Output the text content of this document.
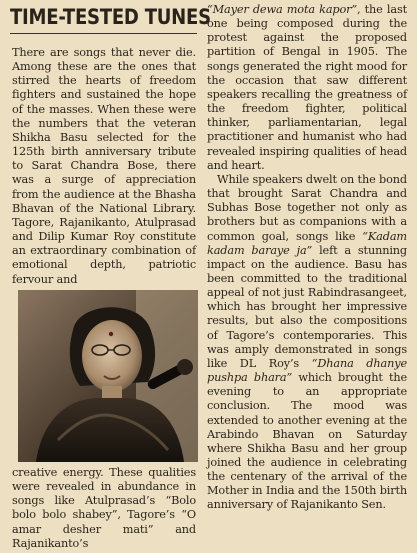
TIME-TESTED TUNES

There are songs that never die. Among these are the ones that stirred the hearts of freedom fighters and sustained the hope of the masses. When these were the numbers that the veteran Shikha Basu selected for the 125th birth anniversary tribute to Sarat Chandra Bose, there was a surge of appreciation from the audience at the Bhasha Bhavan of the National Library. Tagore, Rajanikanto, Atulprasad and Dilip Kumar Roy constitute an extraordinary combination of emotional depth, patriotic fervour and

creative energy. These qualities were revealed in abundance in songs like Atulprasad’s “Bolo bolo bolo shabey”, Tagore’s “O amar desher mati” and Rajanikanto’s

“Mayer dewa mota kapor”, the last one being composed during the protest against the proposed partition of Bengal in 1905. The songs generated the right mood for the occasion that saw different speakers recalling the greatness of the freedom fighter, political thinker, parliamentarian, legal practitioner and humanist who had revealed inspiring qualities of head and heart.

While speakers dwelt on the bond that brought Sarat Chandra and Subhas Bose together not only as brothers but as companions with a common goal, songs like “Kadam kadam baraye ja” left a stunning impact on the audience. Basu has been committed to the traditional appeal of not just Rabindrasangeet, which has brought her impressive results, but also the compositions of Tagore’s contemporaries. This was amply demonstrated in songs like DL Roy’s “Dhana dhanye pushpa bhara” which brought the evening to an appropriate conclusion. The mood was extended to another evening at the Arabindo Bhavan on Saturday where Shikha Basu and her group joined the audience in celebrating the centenary of the arrival of the Mother in India and the 150th birth anniversary of Rajanikanto Sen.
